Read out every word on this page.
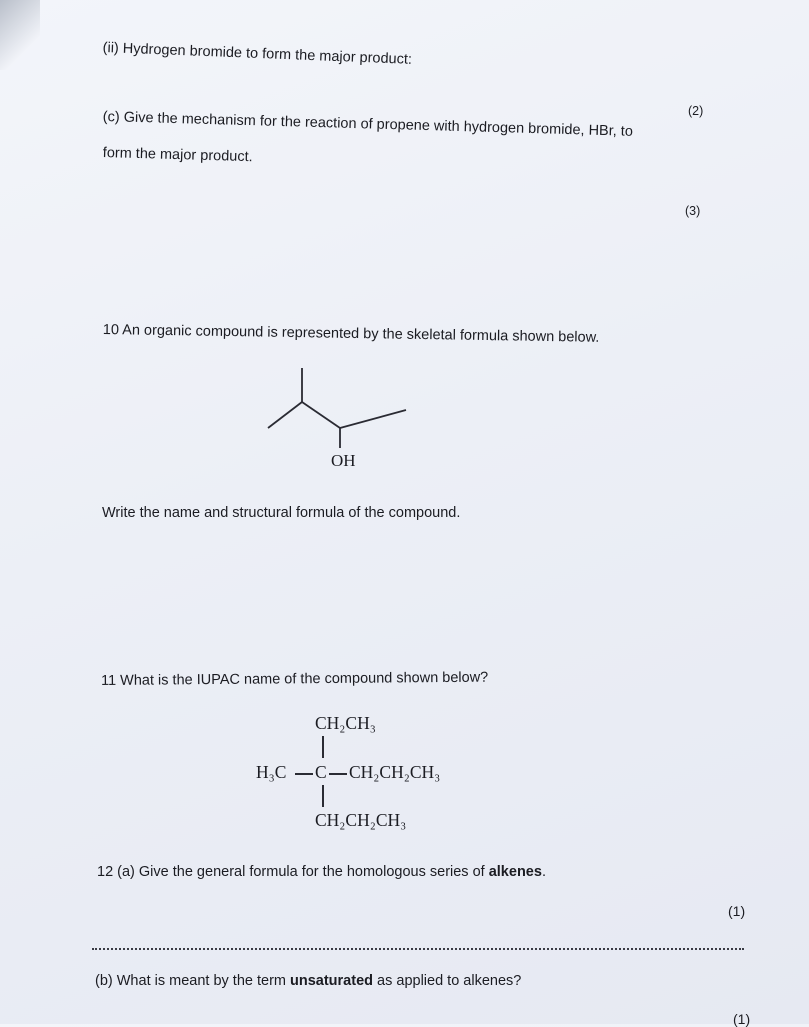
(ii) Hydrogen bromide to form the major product:
(2)
(c) Give the mechanism for the reaction of propene with hydrogen bromide, HBr, to
form the major product.
(3)
10 An organic compound is represented by the skeletal formula shown below.
OH
Write the name and structural formula of the compound.
11 What is the IUPAC name of the compound shown below?
CH₂CH₃
H₃C C CH₂CH₂CH₃
CH₂CH₂CH₃
12 (a) Give the general formula for the homologous series of alkenes.
(1)
(b) What is meant by the term unsaturated as applied to alkenes?
(1)
